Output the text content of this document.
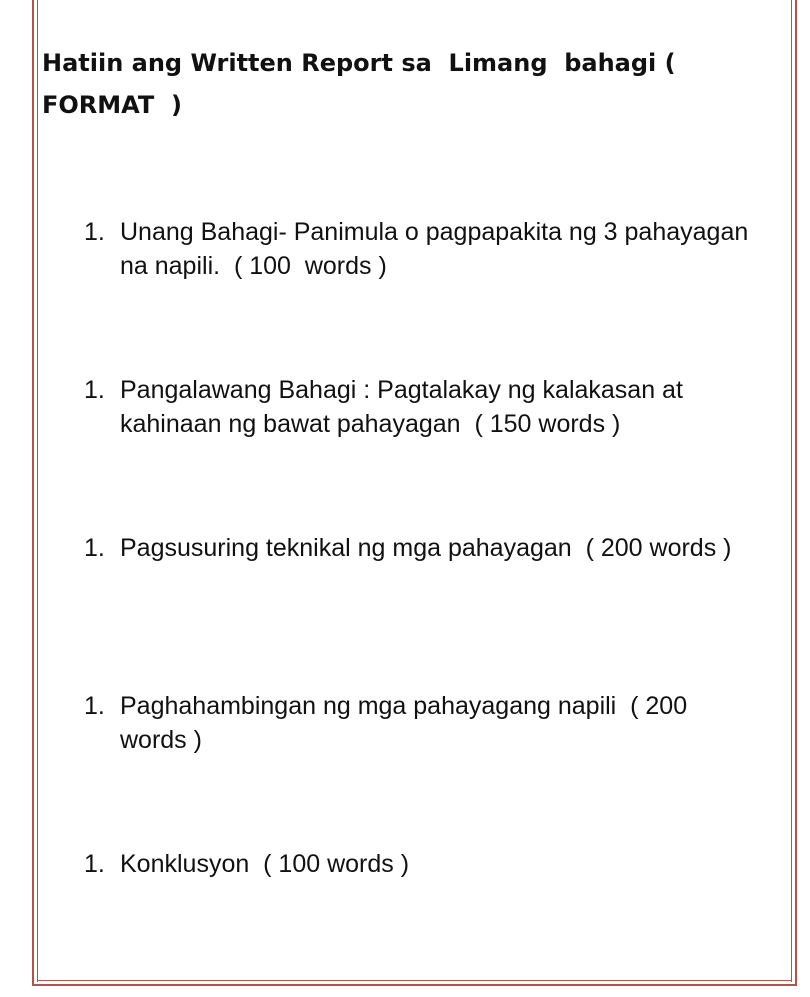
Hatiin ang Written Report sa  Limang  bahagi (
FORMAT  )
1. Unang Bahagi- Panimula o pagpapakita ng 3 pahayagan
na napili.  ( 100  words )
1. Pangalawang Bahagi : Pagtalakay ng kalakasan at
kahinaan ng bawat pahayagan  ( 150 words )
1. Pagsusuring teknikal ng mga pahayagan  ( 200 words )
1. Paghahambingan ng mga pahayagang napili  ( 200
words )
1. Konklusyon  ( 100 words )
